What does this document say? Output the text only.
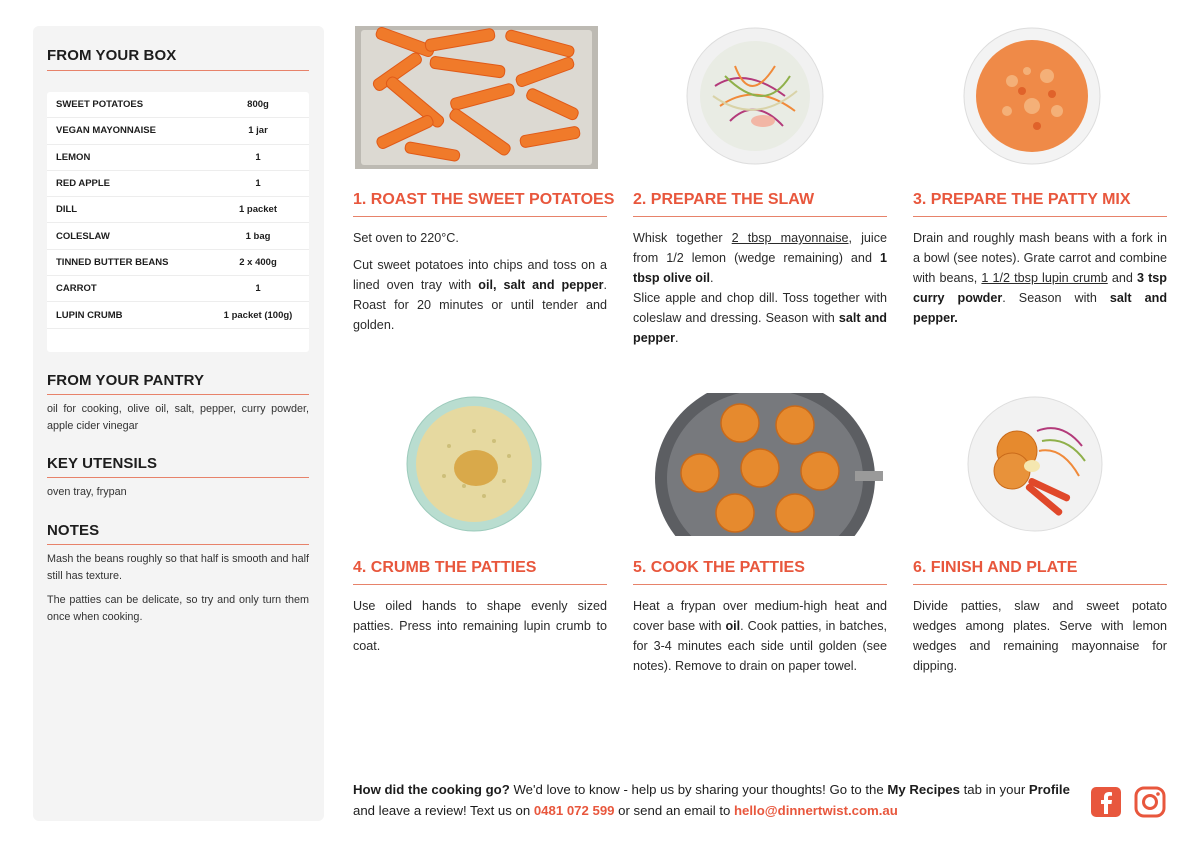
FROM YOUR BOX
SWEET POTATOES	800g
VEGAN MAYONNAISE	1 jar
LEMON	1
RED APPLE	1
DILL	1 packet
COLESLAW	1 bag
TINNED BUTTER BEANS	2 x 400g
CARROT	1
LUPIN CRUMB	1 packet (100g)
FROM YOUR PANTRY
oil for cooking, olive oil, salt, pepper, curry powder, apple cider vinegar
KEY UTENSILS
oven tray, frypan
NOTES
Mash the beans roughly so that half is smooth and half still has texture.
The patties can be delicate, so try and only turn them once when cooking.
1. ROAST THE SWEET POTATOES

Set oven to 220°C.

Cut sweet potatoes into chips and toss on a lined oven tray with oil, salt and pepper. Roast for 20 minutes or until tender and golden.

2. PREPARE THE SLAW

Whisk together 2 tbsp mayonnaise, juice from 1/2 lemon (wedge remaining) and 1 tbsp olive oil.
Slice apple and chop dill. Toss together with coleslaw and dressing. Season with salt and pepper.

3. PREPARE THE PATTY MIX

Drain and roughly mash beans with a fork in a bowl (see notes). Grate carrot and combine with beans, 1 1/2 tbsp lupin crumb and 3 tsp curry powder. Season with salt and pepper.

4. CRUMB THE PATTIES

Use oiled hands to shape evenly sized patties. Press into remaining lupin crumb to coat.

5. COOK THE PATTIES

Heat a frypan over medium-high heat and cover base with oil. Cook patties, in batches, for 3-4 minutes each side until golden (see notes). Remove to drain on paper towel.

6. FINISH AND PLATE

Divide patties, slaw and sweet potato wedges among plates. Serve with lemon wedges and remaining mayonnaise for dipping.

How did the cooking go? We'd love to know - help us by sharing your thoughts! Go to the My Recipes tab in your Profile and leave a review! Text us on 0481 072 599 or send an email to hello@dinnertwist.com.au
